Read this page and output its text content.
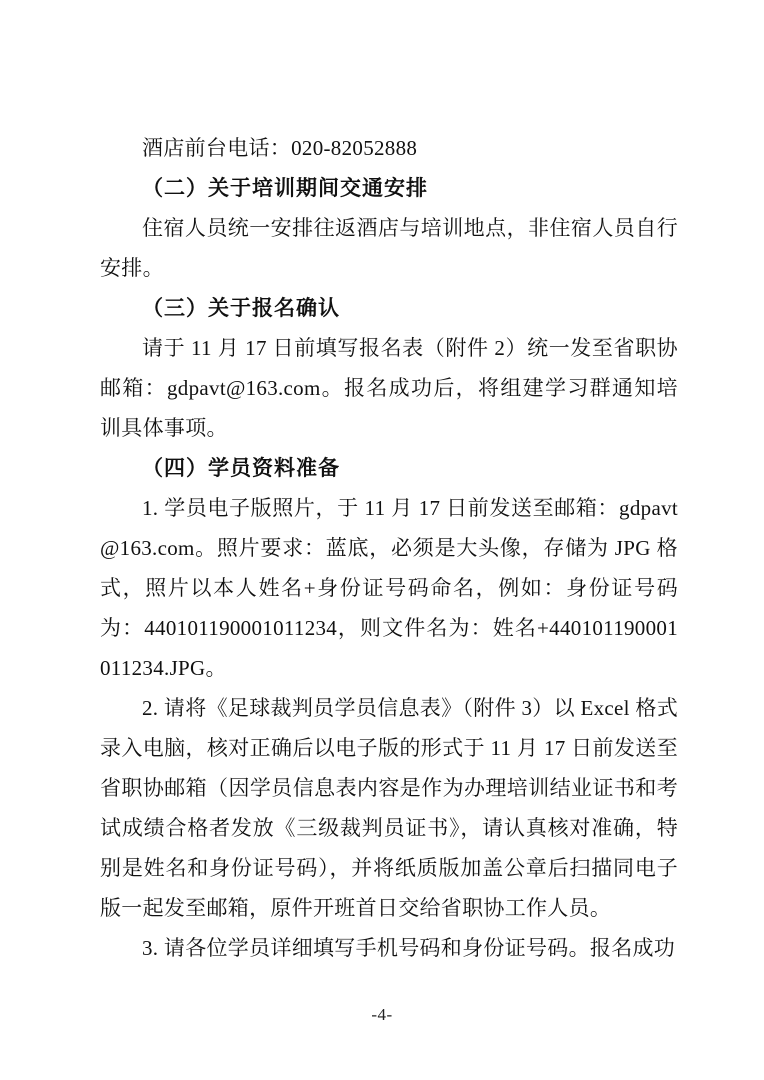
酒店前台电话：020-82052888

（二）关于培训期间交通安排

住宿人员统一安排往返酒店与培训地点，非住宿人员自行安排。

（三）关于报名确认

请于 11 月 17 日前填写报名表（附件 2）统一发至省职协邮箱：gdpavt@163.com。报名成功后，将组建学习群通知培训具体事项。

（四）学员资料准备

1. 学员电子版照片，于 11 月 17 日前发送至邮箱：gdpavt@163.com。照片要求：蓝底，必须是大头像，存储为 JPG 格式，照片以本人姓名+身份证号码命名，例如：身份证号码为：440101190001011234，则文件名为：姓名+440101190001011234.JPG。

2. 请将《足球裁判员学员信息表》（附件 3）以 Excel 格式录入电脑，核对正确后以电子版的形式于 11 月 17 日前发送至省职协邮箱（因学员信息表内容是作为办理培训结业证书和考试成绩合格者发放《三级裁判员证书》，请认真核对准确，特别是姓名和身份证号码），并将纸质版加盖公章后扫描同电子版一起发至邮箱，原件开班首日交给省职协工作人员。

3. 请各位学员详细填写手机号码和身份证号码。报名成功

-4-
